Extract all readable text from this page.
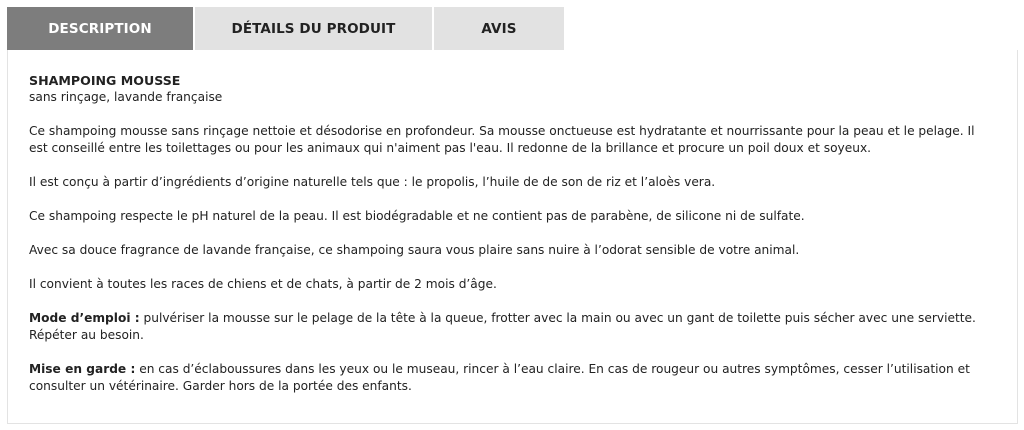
DESCRIPTION	DÉTAILS DU PRODUIT	AVIS
SHAMPOING MOUSSE
sans rinçage, lavande française

Ce shampoing mousse sans rinçage nettoie et désodorise en profondeur. Sa mousse onctueuse est hydratante et nourrissante pour la peau et le pelage. Il est conseillé entre les toilettages ou pour les animaux qui n'aiment pas l'eau. Il redonne de la brillance et procure un poil doux et soyeux.

Il est conçu à partir d’ingrédients d’origine naturelle tels que : le propolis, l’huile de de son de riz et l’aloès vera.

Ce shampoing respecte le pH naturel de la peau. Il est biodégradable et ne contient pas de parabène, de silicone ni de sulfate.

Avec sa douce fragrance de lavande française, ce shampoing saura vous plaire sans nuire à l’odorat sensible de votre animal.

Il convient à toutes les races de chiens et de chats, à partir de 2 mois d’âge.

Mode d’emploi : pulvériser la mousse sur le pelage de la tête à la queue, frotter avec la main ou avec un gant de toilette puis sécher avec une serviette. Répéter au besoin.

Mise en garde : en cas d’éclaboussures dans les yeux ou le museau, rincer à l’eau claire. En cas de rougeur ou autres symptômes, cesser l’utilisation et consulter un vétérinaire. Garder hors de la portée des enfants.
